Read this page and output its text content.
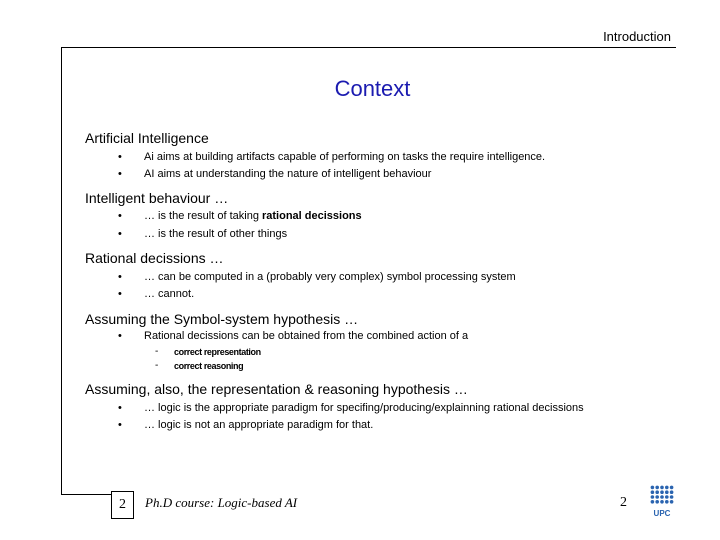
Introduction
Context
Artificial Intelligence
• Ai aims at building artifacts capable of performing on tasks the require intelligence.
• AI aims at understanding the nature of intelligent behaviour
Intelligent behaviour …
• … is the result of taking rational decissions
• … is the result of other things
Rational decissions …
• … can be computed in a (probably very complex) symbol processing system
• … cannot.
Assuming the Symbol-system hypothesis …
• Rational decissions can be obtained from the combined action of a
- correct representation
- correct reasoning
Assuming, also, the representation & reasoning hypothesis …
• … logic is the appropriate paradigm for specifing/producing/explainning rational decissions
• … logic is not an appropriate paradigm for that.
2	Ph.D course: Logic-based AI	2
UPC
